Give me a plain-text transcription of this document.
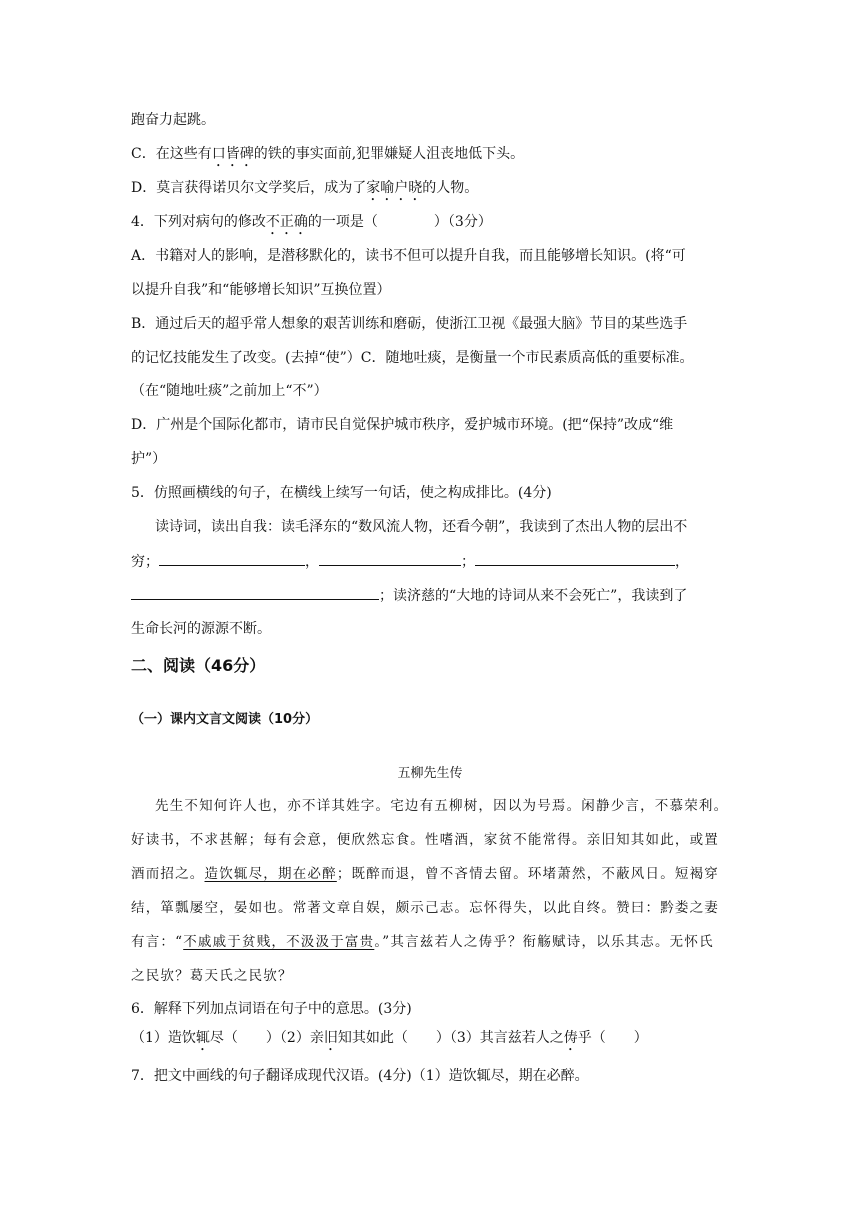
跑奋力起跳。
C．在这些有口皆碑的铁的事实面前,犯罪嫌疑人沮丧地低下头。
D．莫言获得诺贝尔文学奖后，成为了家喻户晓的人物。
4．下列对病句的修改不正确的一项是（　　　　）（3分）
A．书籍对人的影响，是潜移默化的，读书不但可以提升自我，而且能够增长知识。(将“可
以提升自我”和“能够增长知识”互换位置）
B．通过后天的超乎常人想象的艰苦训练和磨砺，使浙江卫视《最强大脑》节目的某些选手
的记忆技能发生了改变。(去掉“使”）C．随地吐痰，是衡量一个市民素质高低的重要标准。
（在“随地吐痰”之前加上“不”）
D．广州是个国际化都市，请市民自觉保护城市秩序，爱护城市环境。(把“保持”改成“维
护”）
5．仿照画横线的句子，在横线上续写一句话，使之构成排比。(4分)
读诗词，读出自我：读毛泽东的“数风流人物，还看今朝”，我读到了杰出人物的层出不
穷；	，	；	，
；读济慈的“大地的诗词从来不会死亡”，我读到了
生命长河的源源不断。
二、阅读（46分）
（一）课内文言文阅读（10分）
五柳先生传
先生不知何许人也，亦不详其姓字。宅边有五柳树，因以为号焉。闲静少言，不慕荣利。
好读书，不求甚解；每有会意，便欣然忘食。性嗜酒，家贫不能常得。亲旧知其如此，或置
酒而招之。造饮辄尽，期在必醉；既醉而退，曾不吝情去留。环堵萧然，不蔽风日。短褐穿
结，箪瓢屡空，晏如也。常著文章自娱，颇示己志。忘怀得失，以此自终。赞曰：黔娄之妻
有言：“不戚戚于贫贱，不汲汲于富贵。”其言兹若人之俦乎？衔觞赋诗，以乐其志。无怀氏
之民欤？葛天氏之民欤？
6．解释下列加点词语在句子中的意思。(3分)
（1）造饮辄尽（　　）（2）亲旧知其如此（　　）（3）其言兹若人之俦乎（　　）
7．把文中画线的句子翻译成现代汉语。(4分)（1）造饮辄尽，期在必醉。
